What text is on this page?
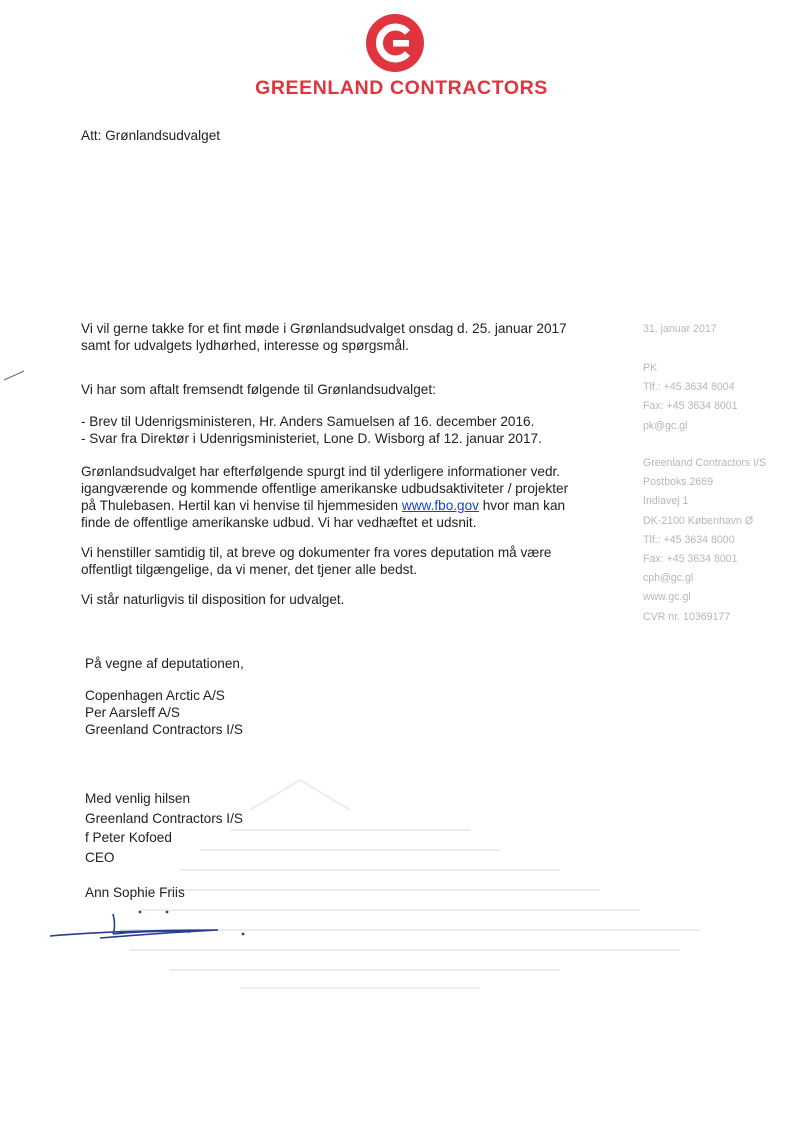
GREENLAND CONTRACTORS
Att: Grønlandsudvalget
Vi vil gerne takke for et fint møde i Grønlandsudvalget onsdag d. 25. januar 2017
samt for udvalgets lydhørhed, interesse og spørgsmål.
Vi har som aftalt fremsendt følgende til Grønlandsudvalget:
- Brev til Udenrigsministeren, Hr. Anders Samuelsen af 16. december 2016.
- Svar fra Direktør i Udenrigsministeriet, Lone D. Wisborg af 12. januar 2017.
Grønlandsudvalget har efterfølgende spurgt ind til yderligere informationer vedr.
igangværende og kommende offentlige amerikanske udbudsaktiviteter / projekter
på Thulebasen. Hertil kan vi henvise til hjemmesiden www.fbo.gov hvor man kan
finde de offentlige amerikanske udbud. Vi har vedhæftet et udsnit.
Vi henstiller samtidig til, at breve og dokumenter fra vores deputation må være
offentligt tilgængelige, da vi mener, det tjener alle bedst.
Vi står naturligvis til disposition for udvalget.
På vegne af deputationen,
Copenhagen Arctic A/S
Per Aarsleff A/S
Greenland Contractors I/S
Med venlig hilsen
Greenland Contractors I/S
f Peter Kofoed
CEO
Ann Sophie Friis
31. januar 2017
PK
Tlf.: +45 3634 8004
Fax: +45 3634 8001
pk@gc.gl
Greenland Contractors I/S
Postboks 2669
Indiavej 1
DK-2100 København Ø
Tlf.: +45 3634 8000
Fax: +45 3634 8001
cph@gc.gl
www.gc.gl
CVR nr. 10369177
